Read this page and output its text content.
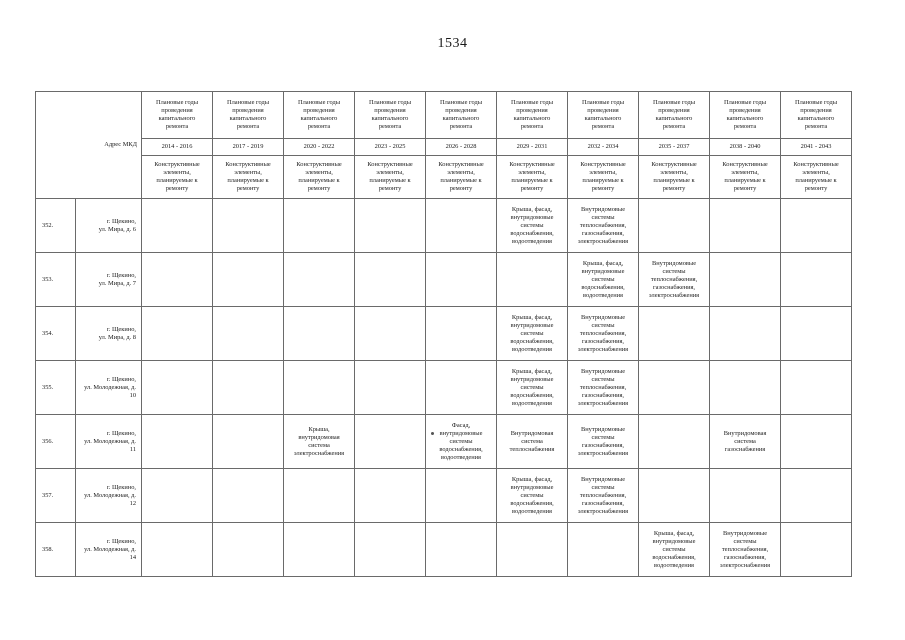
1534
Адрес МКД		Плановые годы
проведения
капитального
ремонта	Плановые годы
проведения
капитального
ремонта	Плановые годы
проведения
капитального
ремонта	Плановые годы
проведения
капитального
ремонта	Плановые годы
проведения
капитального
ремонта	Плановые годы
проведения
капитального
ремонта	Плановые годы
проведения
капитального
ремонта	Плановые годы
проведения
капитального
ремонта	Плановые годы
проведения
капитального
ремонта	Плановые годы
проведения
капитального
ремонта

		2014 - 2016	2017 - 2019	2020 - 2022	2023 - 2025	2026 - 2028	2029 - 2031	2032 - 2034	2035 - 2037	2038 - 2040	2041 - 2043

		Конструктивные
элементы,
планируемые к
ремонту	Конструктивные
элементы,
планируемые к
ремонту	Конструктивные
элементы,
планируемые к
ремонту	Конструктивные
элементы,
планируемые к
ремонту	Конструктивные
элементы,
планируемые к
ремонту	Конструктивные
элементы,
планируемые к
ремонту	Конструктивные
элементы,
планируемые к
ремонту	Конструктивные
элементы,
планируемые к
ремонту	Конструктивные
элементы,
планируемые к
ремонту	Конструктивные
элементы,
планируемые к
ремонту

352.	г. Щекино,
ул. Мира, д. 6						Крыша, фасад,
внутридомовые
системы
водоснабжения,
водоотведения	Внутридомовые
системы
теплоснабжения,
газоснабжения,
электроснабжения			

353.	г. Щекино,
ул. Мира, д. 7							Крыша, фасад,
внутридомовые
системы
водоснабжения,
водоотведения	Внутридомовые
системы
теплоснабжения,
газоснабжения,
электроснабжения		

354.	г. Щекино,
ул. Мира, д. 8						Крыша, фасад,
внутридомовые
системы
водоснабжения,
водоотведения	Внутридомовые
системы
теплоснабжения,
газоснабжения,
электроснабжения			

355.	г. Щекино,
ул. Молодежная, д. 10						Крыша, фасад,
внутридомовые
системы
водоснабжения,
водоотведения	Внутридомовые
системы
теплоснабжения,
газоснабжения,
электроснабжения			

356.	г. Щекино,
ул. Молодежная, д. 11			Крыша,
внутридомовая
система
электроснабжения		Фасад,
внутридомовые
системы
водоснабжения,
водоотведения	Внутридомовая
система
теплоснабжения	Внутридомовые
системы
газоснабжения,
электроснабжения		Внутридомовая
система
газоснабжения	

357.	г. Щекино,
ул. Молодежная, д. 12						Крыша, фасад,
внутридомовые
системы
водоснабжения,
водоотведения	Внутридомовые
системы
теплоснабжения,
газоснабжения,
электроснабжения			

358.	г. Щекино,
ул. Молодежная, д. 14								Крыша, фасад,
внутридомовые
системы
водоснабжения,
водоотведения	Внутридомовые
системы
теплоснабжения,
газоснабжения,
электроснабжения	
